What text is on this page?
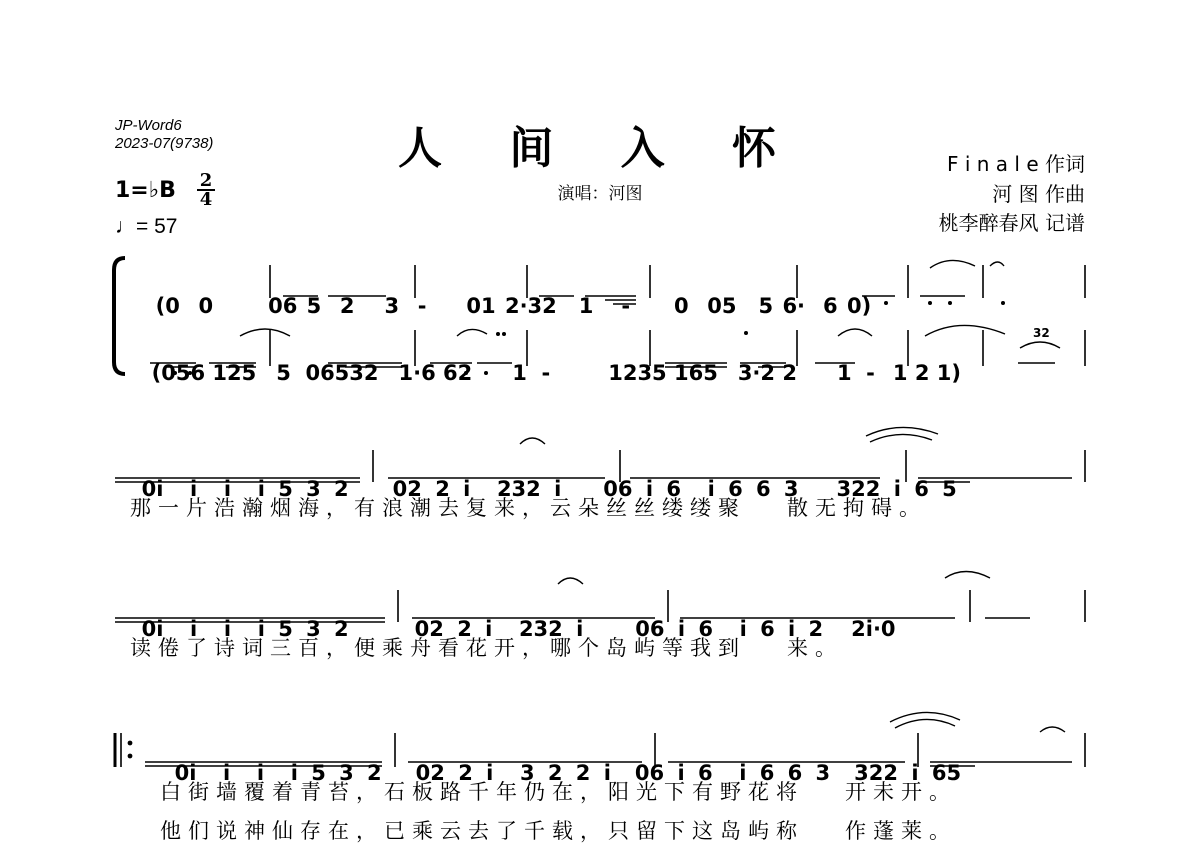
JP-Word6
2023-07(9738)	人 间 入 怀
演唱：河图
F i n a l e 作词
河 图 作曲
桃李醉春风 记谱
1=♭B 2
4
♩= 57
32

(0  0	06 5  2 3  - 01 2·32 1   - 0  05 5 6· 6 0)

(056 125 5  06532 1·6 62 1  -	1235 165 3·2 2 1  - 1 2 1)

0i  i  i  i 5 3 2 02 2 i  232 i 06 i 6  i 6 6 3 322 i 6 5

那一片浩瀚烟海，有浪潮去复来，云朵丝丝缕缕聚   散无拘碍。

0i  i  i  i 5 3 2	02 2 i  232 i 06 i 6  i 6 i 2 2i·0

读倦了诗词三百，便乘舟看花开，哪个岛屿等我到   来。

0i  i  i  i 5 3 2 02 2 i  3 2 2 i 06 i 6  i 6 6 3 322 i 65

白街墙覆着青苔，石板路千年仍在，阳光下有野花将   开未开。
他们说神仙存在，已乘云去了千载，只留下这岛屿称   作蓬莱。
